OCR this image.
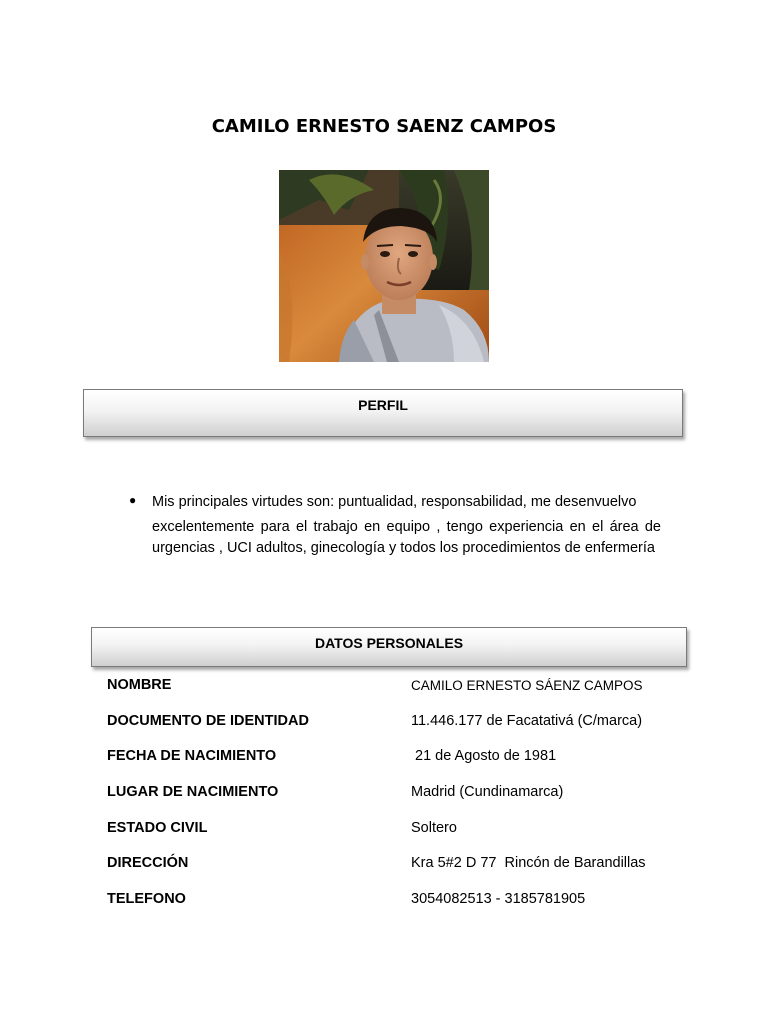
CAMILO ERNESTO SAENZ CAMPOS
PERFIL
● Mis principales virtudes son: puntualidad, responsabilidad, me desenvuelvo
excelentemente para el trabajo en equipo , tengo experiencia en el área de urgencias , UCI adultos, ginecología y todos los procedimientos de enfermería
DATOS PERSONALES
NOMBRE	CAMILO ERNESTO SÁENZ CAMPOS
DOCUMENTO DE IDENTIDAD	11.446.177 de Facatativá (C/marca)
FECHA DE NACIMIENTO	21 de Agosto de 1981
LUGAR DE NACIMIENTO	Madrid (Cundinamarca)
ESTADO CIVIL	Soltero
DIRECCIÓN	Kra 5#2 D 77  Rincón de Barandillas
TELEFONO	3054082513 - 3185781905
